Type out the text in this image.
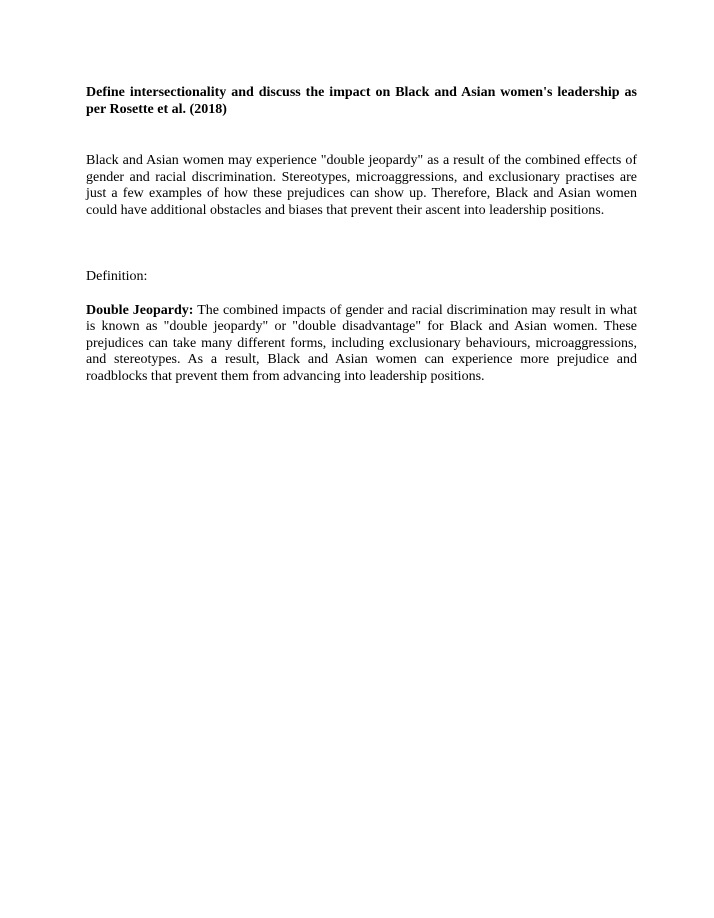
Define intersectionality and discuss the impact on Black and Asian women's leadership as per Rosette et al. (2018)

Black and Asian women may experience "double jeopardy" as a result of the combined effects of gender and racial discrimination. Stereotypes, microaggressions, and exclusionary practises are just a few examples of how these prejudices can show up. Therefore, Black and Asian women could have additional obstacles and biases that prevent their ascent into leadership positions.

Definition:

Double Jeopardy: The combined impacts of gender and racial discrimination may result in what is known as "double jeopardy" or "double disadvantage" for Black and Asian women. These prejudices can take many different forms, including exclusionary behaviours, microaggressions, and stereotypes. As a result, Black and Asian women can experience more prejudice and roadblocks that prevent them from advancing into leadership positions.
